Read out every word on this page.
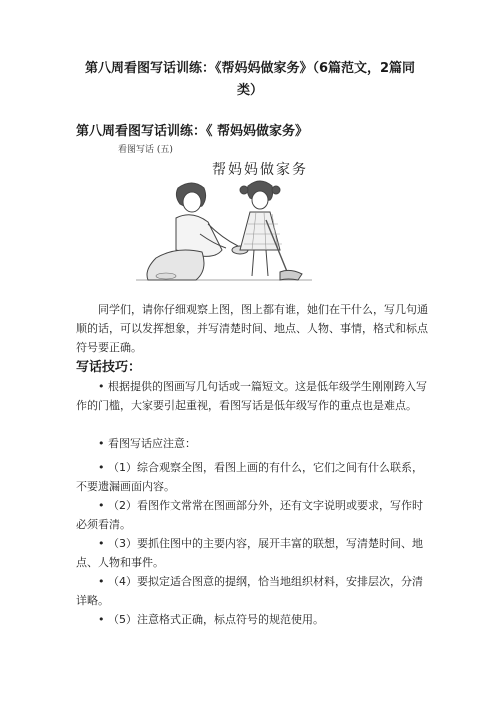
第八周看图写话训练：《帮妈妈做家务》（6篇范文，2篇同类）
第八周看图写话训练：《 帮妈妈做家务》
看图写话 (五)
帮妈妈做家务

同学们，请你仔细观察上图，图上都有谁，她们在干什么，写几句通顺的话，可以发挥想象，并写清楚时间、地点、人物、事情，格式和标点符号要正确。

写话技巧：

• 根据提供的图画写几句话或一篇短文。这是低年级学生刚刚跨入写作的门槛，大家要引起重视，看图写话是低年级写作的重点也是难点。

• 看图写话应注意：

• （1）综合观察全图，看图上画的有什么，它们之间有什么联系，不要遗漏画面内容。

• （2）看图作文常常在图画部分外，还有文字说明或要求，写作时必须看清。

• （3）要抓住图中的主要内容，展开丰富的联想，写清楚时间、地点、人物和事件。

• （4）要拟定适合图意的提纲，恰当地组织材料，安排层次，分清详略。

• （5）注意格式正确，标点符号的规范使用。
